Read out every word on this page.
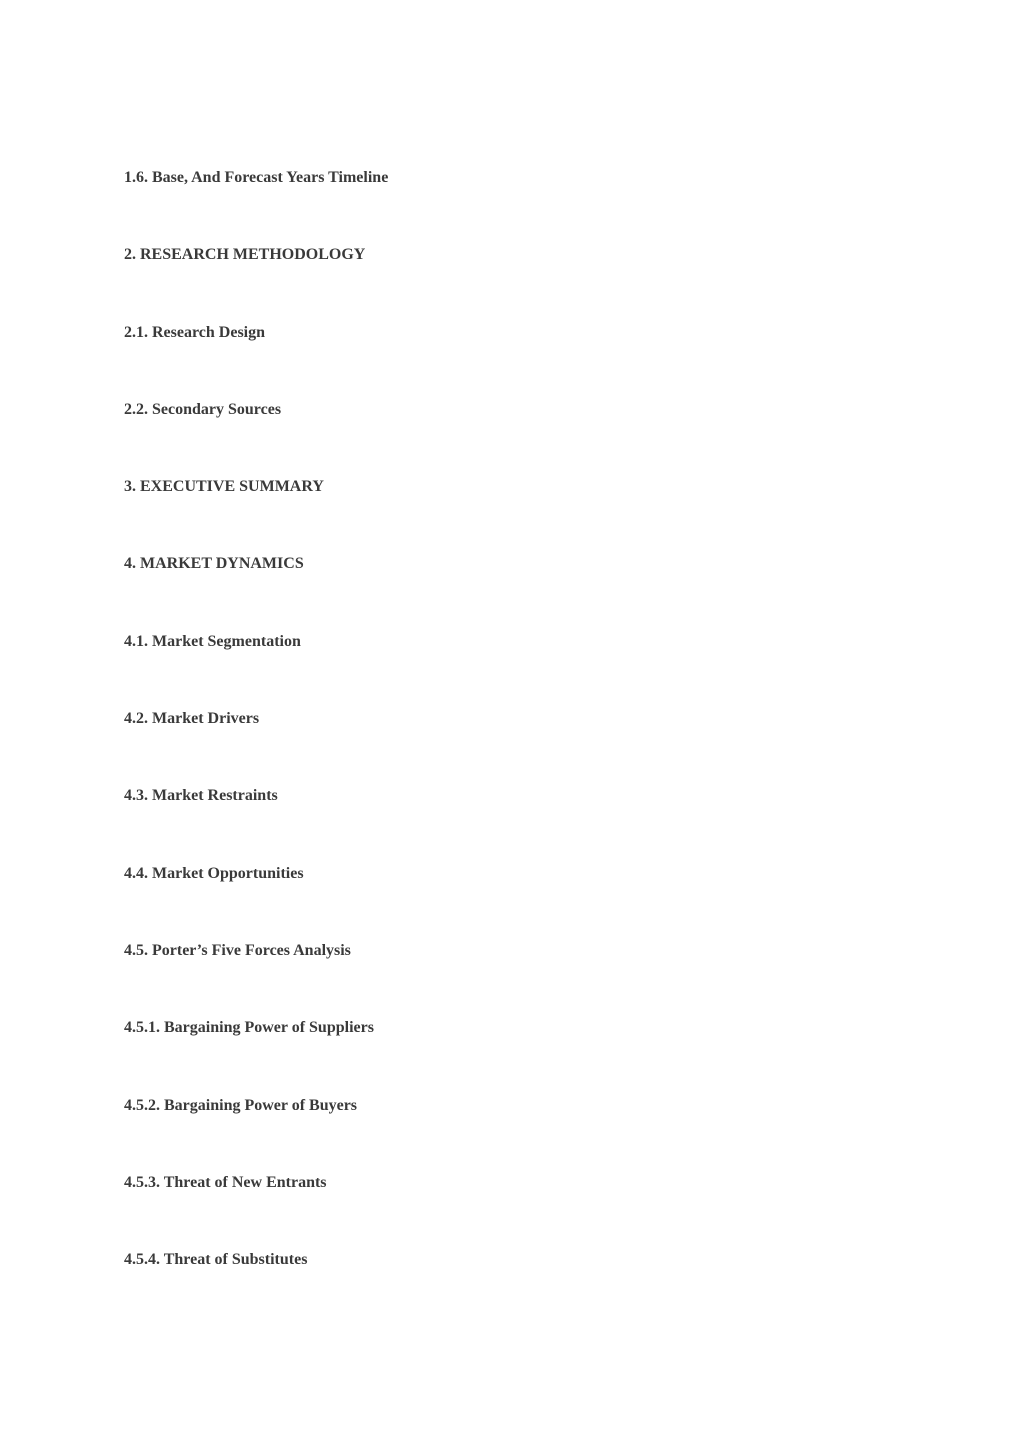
1.6. Base, And Forecast Years Timeline
2. RESEARCH METHODOLOGY
2.1. Research Design
2.2. Secondary Sources
3. EXECUTIVE SUMMARY
4. MARKET DYNAMICS
4.1. Market Segmentation
4.2. Market Drivers
4.3. Market Restraints
4.4. Market Opportunities
4.5. Porter’s Five Forces Analysis
4.5.1. Bargaining Power of Suppliers
4.5.2. Bargaining Power of Buyers
4.5.3. Threat of New Entrants
4.5.4. Threat of Substitutes
